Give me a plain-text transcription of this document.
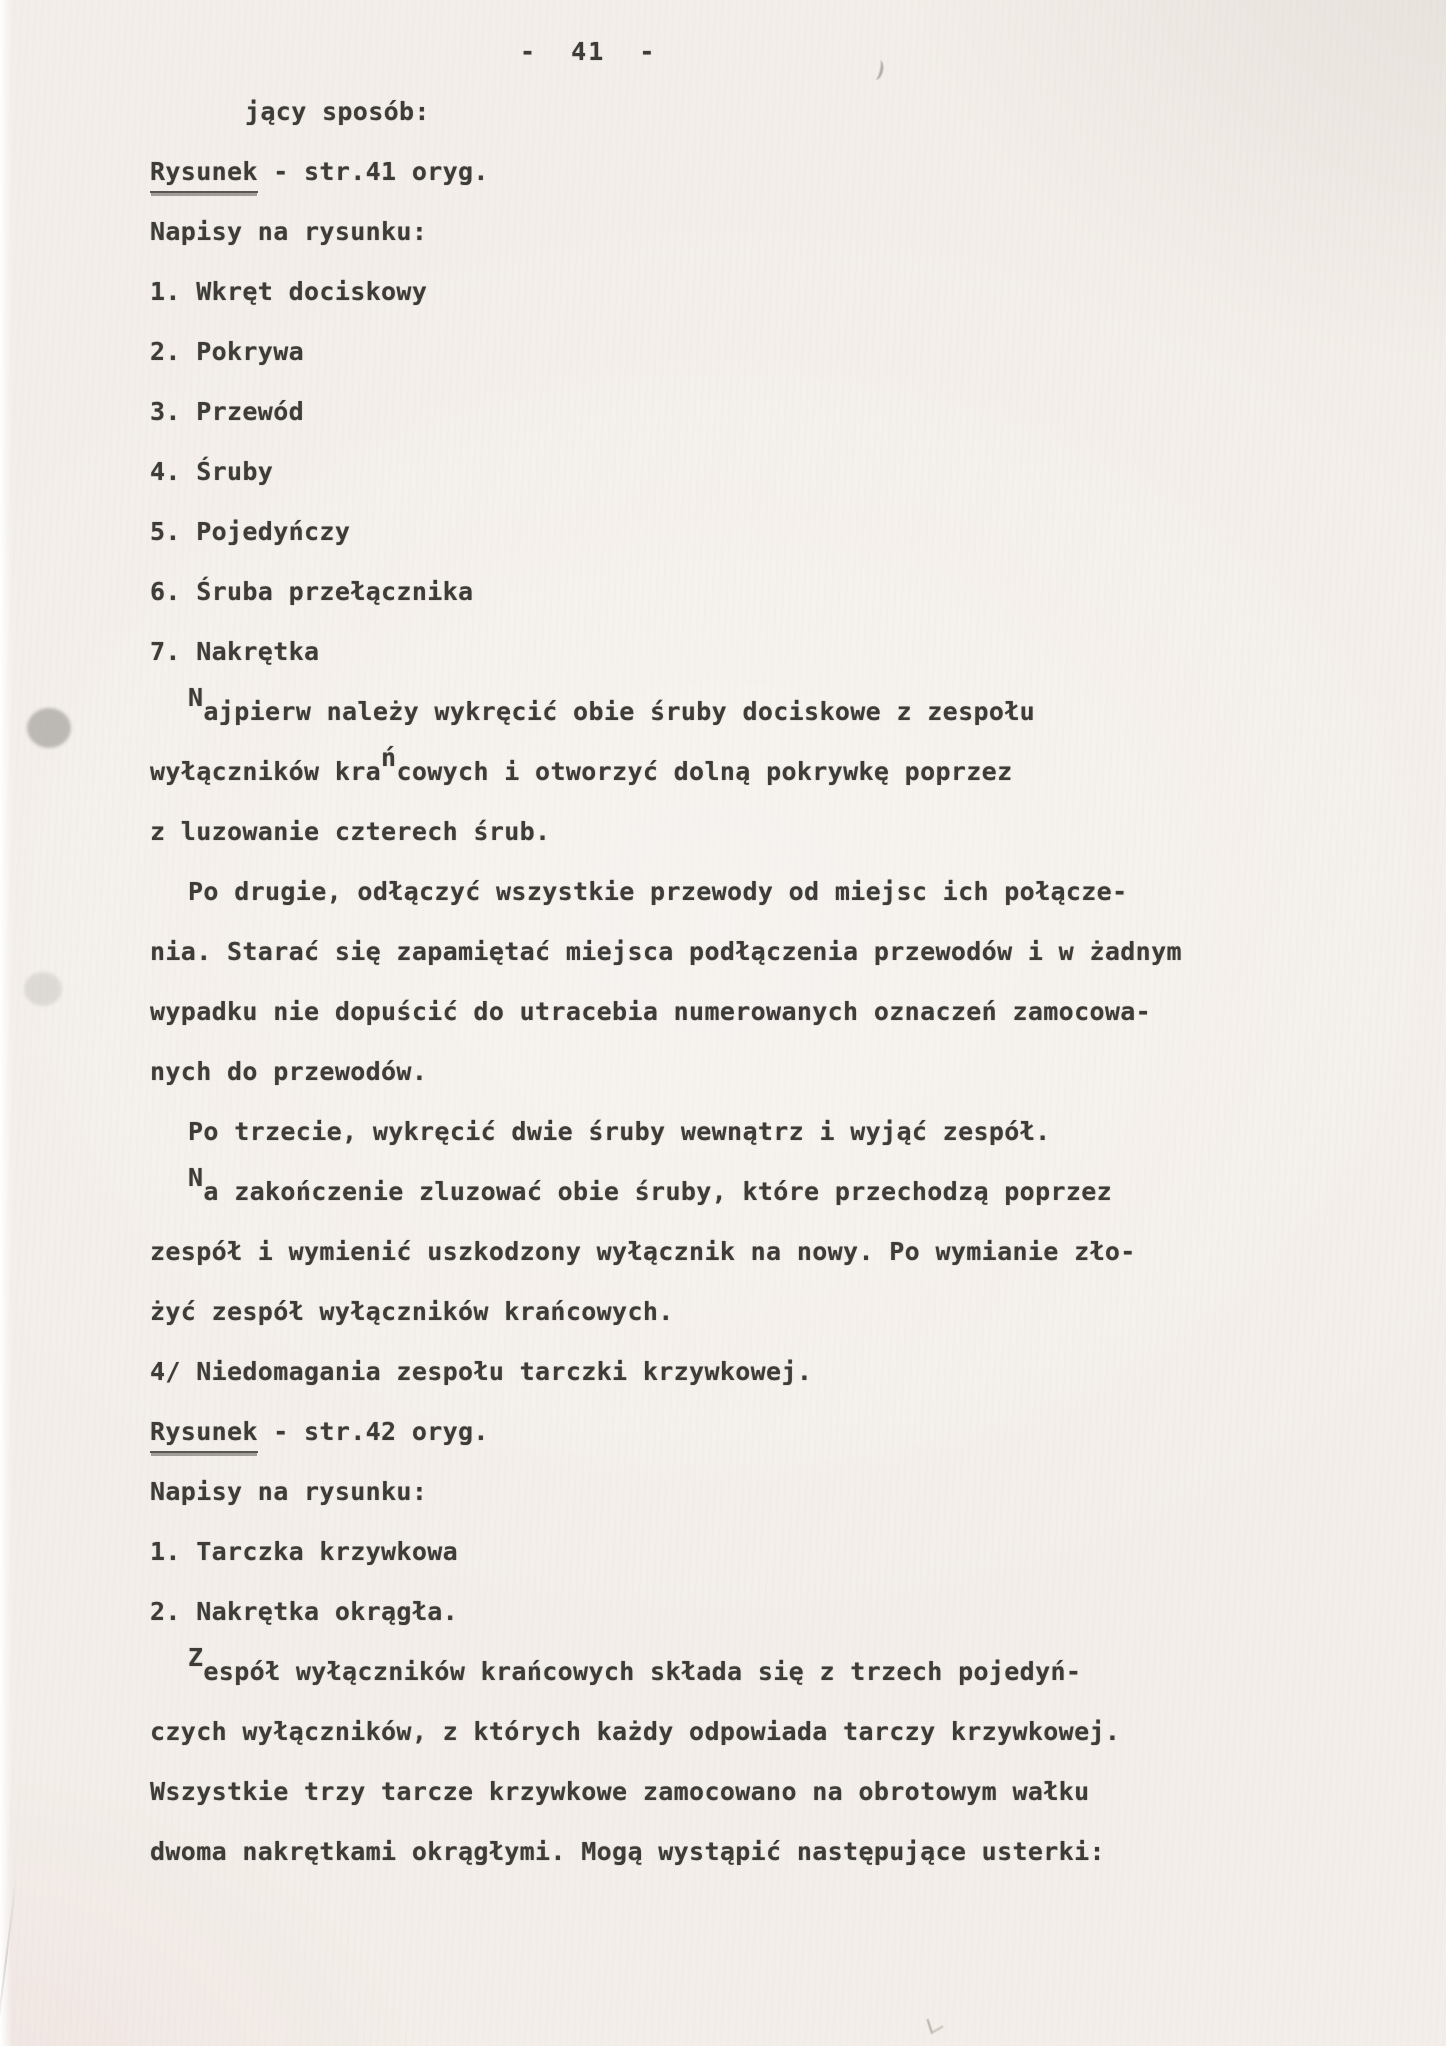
-  41  -
jący sposób:
Rysunek - str.41 oryg.
Napisy na rysunku:
1. Wkręt dociskowy
2. Pokrywa
3. Przewód
4. Śruby
5. Pojedyńczy
6. Śruba przełącznika
7. Nakrętka
Najpierw należy wykręcić obie śruby dociskowe z zespołu
wyłączników krańcowych i otworzyć dolną pokrywkę poprzez
z luzowanie czterech śrub.
Po drugie, odłączyć wszystkie przewody od miejsc ich połącze-
nia. Starać się zapamiętać miejsca podłączenia przewodów i w żadnym
wypadku nie dopuścić do utracebia numerowanych oznaczeń zamocowa-
nych do przewodów.
Po trzecie, wykręcić dwie śruby wewnątrz i wyjąć zespół.
Na zakończenie zluzować obie śruby, które przechodzą poprzez
zespół i wymienić uszkodzony wyłącznik na nowy. Po wymianie zło-
żyć zespół wyłączników krańcowych.
4/ Niedomagania zespołu tarczki krzywkowej.
Rysunek - str.42 oryg.
Napisy na rysunku:
1. Tarczka krzywkowa
2. Nakrętka okrągła.
Zespół wyłączników krańcowych składa się z trzech pojedyń-
czych wyłączników, z których każdy odpowiada tarczy krzywkowej.
Wszystkie trzy tarcze krzywkowe zamocowano na obrotowym wałku
dwoma nakrętkami okrągłymi. Mogą wystąpić następujące usterki:
